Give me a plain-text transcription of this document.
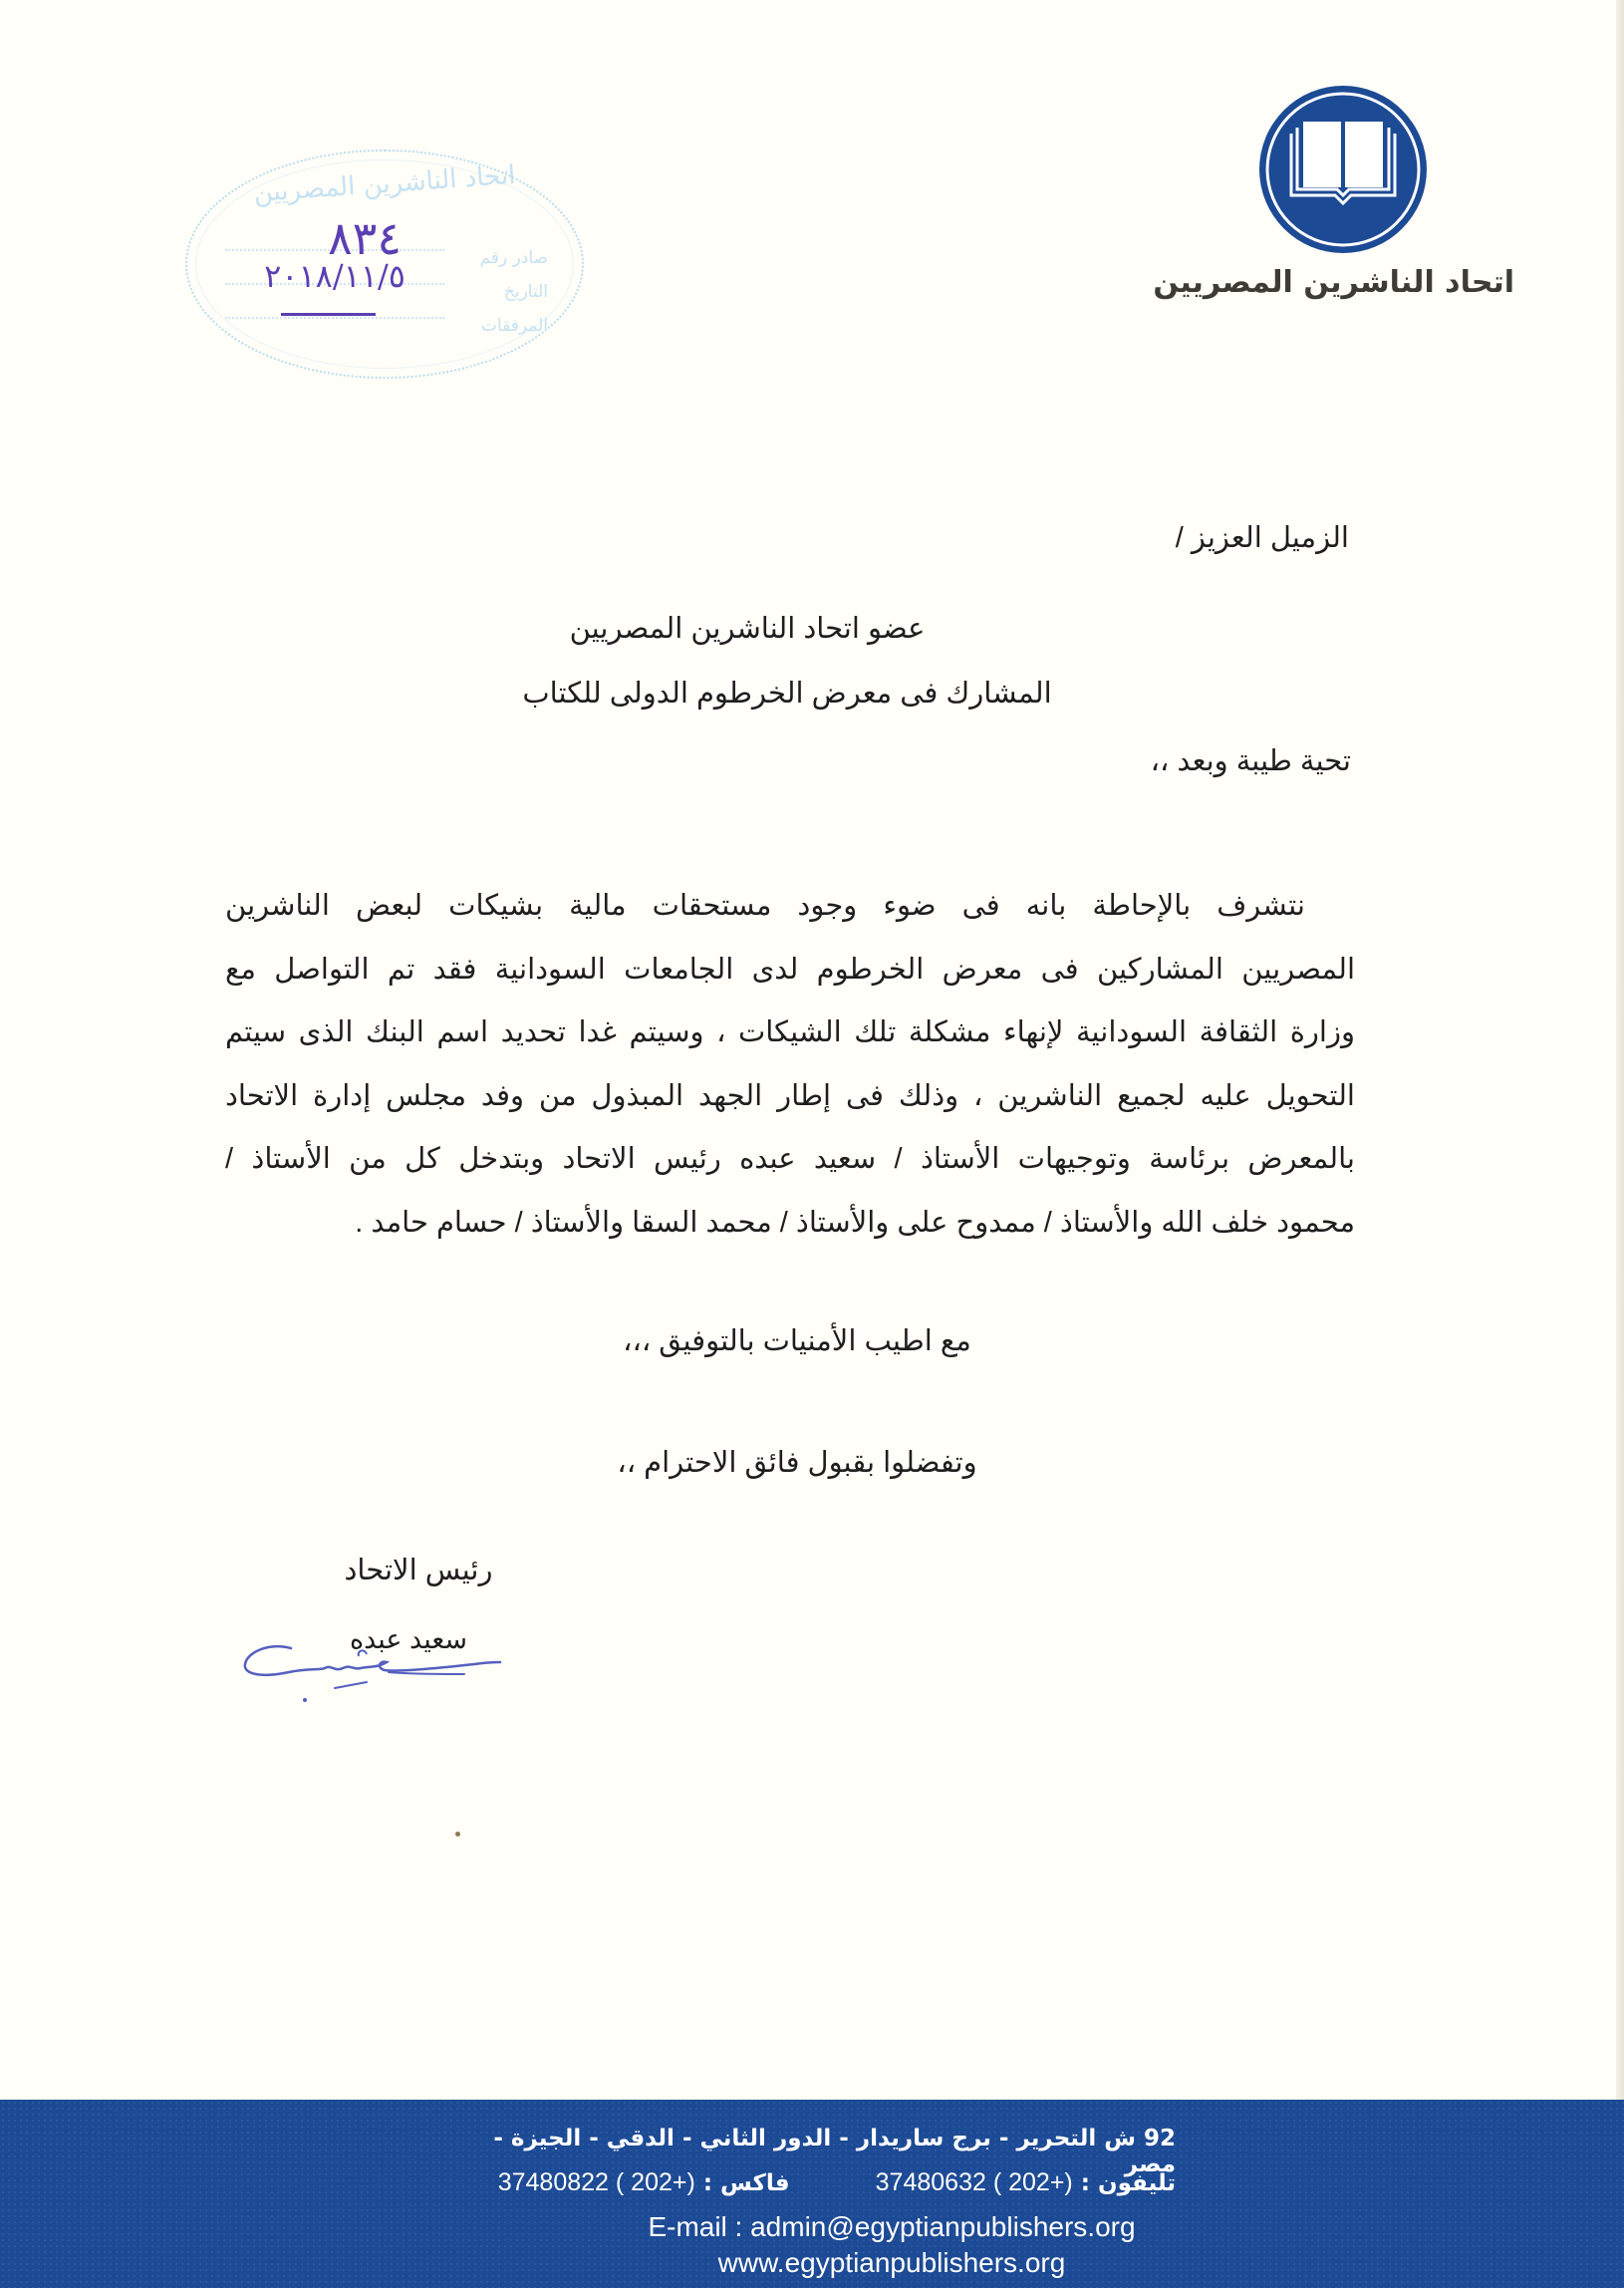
اتحاد الناشرين المصريين
اتحاد الناشرين المصريين
صادر رقم
التاريخ
المرفقات
٨٣٤
٢٠١٨/١١/٥
الزميل العزيز /
عضو اتحاد الناشرين المصريين
المشارك فى معرض الخرطوم الدولى للكتاب
تحية طيبة وبعد ،،
نتشرف بالإحاطة بانه فى ضوء وجود مستحقات مالية بشيكات لبعض الناشرين
المصريين المشاركين فى معرض الخرطوم لدى الجامعات السودانية فقد تم التواصل مع
وزارة الثقافة السودانية لإنهاء مشكلة تلك الشيكات ، وسيتم غدا تحديد اسم البنك الذى سيتم
التحويل عليه لجميع الناشرين ، وذلك فى إطار الجهد المبذول من وفد مجلس إدارة الاتحاد
بالمعرض برئاسة وتوجيهات الأستاذ / سعيد عبده رئيس الاتحاد وبتدخل كل من الأستاذ /
محمود خلف الله والأستاذ / ممدوح على والأستاذ / محمد السقا والأستاذ / حسام حامد .
مع اطيب الأمنيات بالتوفيق ،،،
وتفضلوا بقبول فائق الاحترام ،،
رئيس الاتحاد
سعيد عبده
92 ش التحرير - برج ساريدار - الدور الثاني - الدقي - الجيزة - مصر
تليفون : 37480632 ( 202+)  فاكس : 37480822 ( 202+)
E-mail : admin@egyptianpublishers.org
www.egyptianpublishers.org
